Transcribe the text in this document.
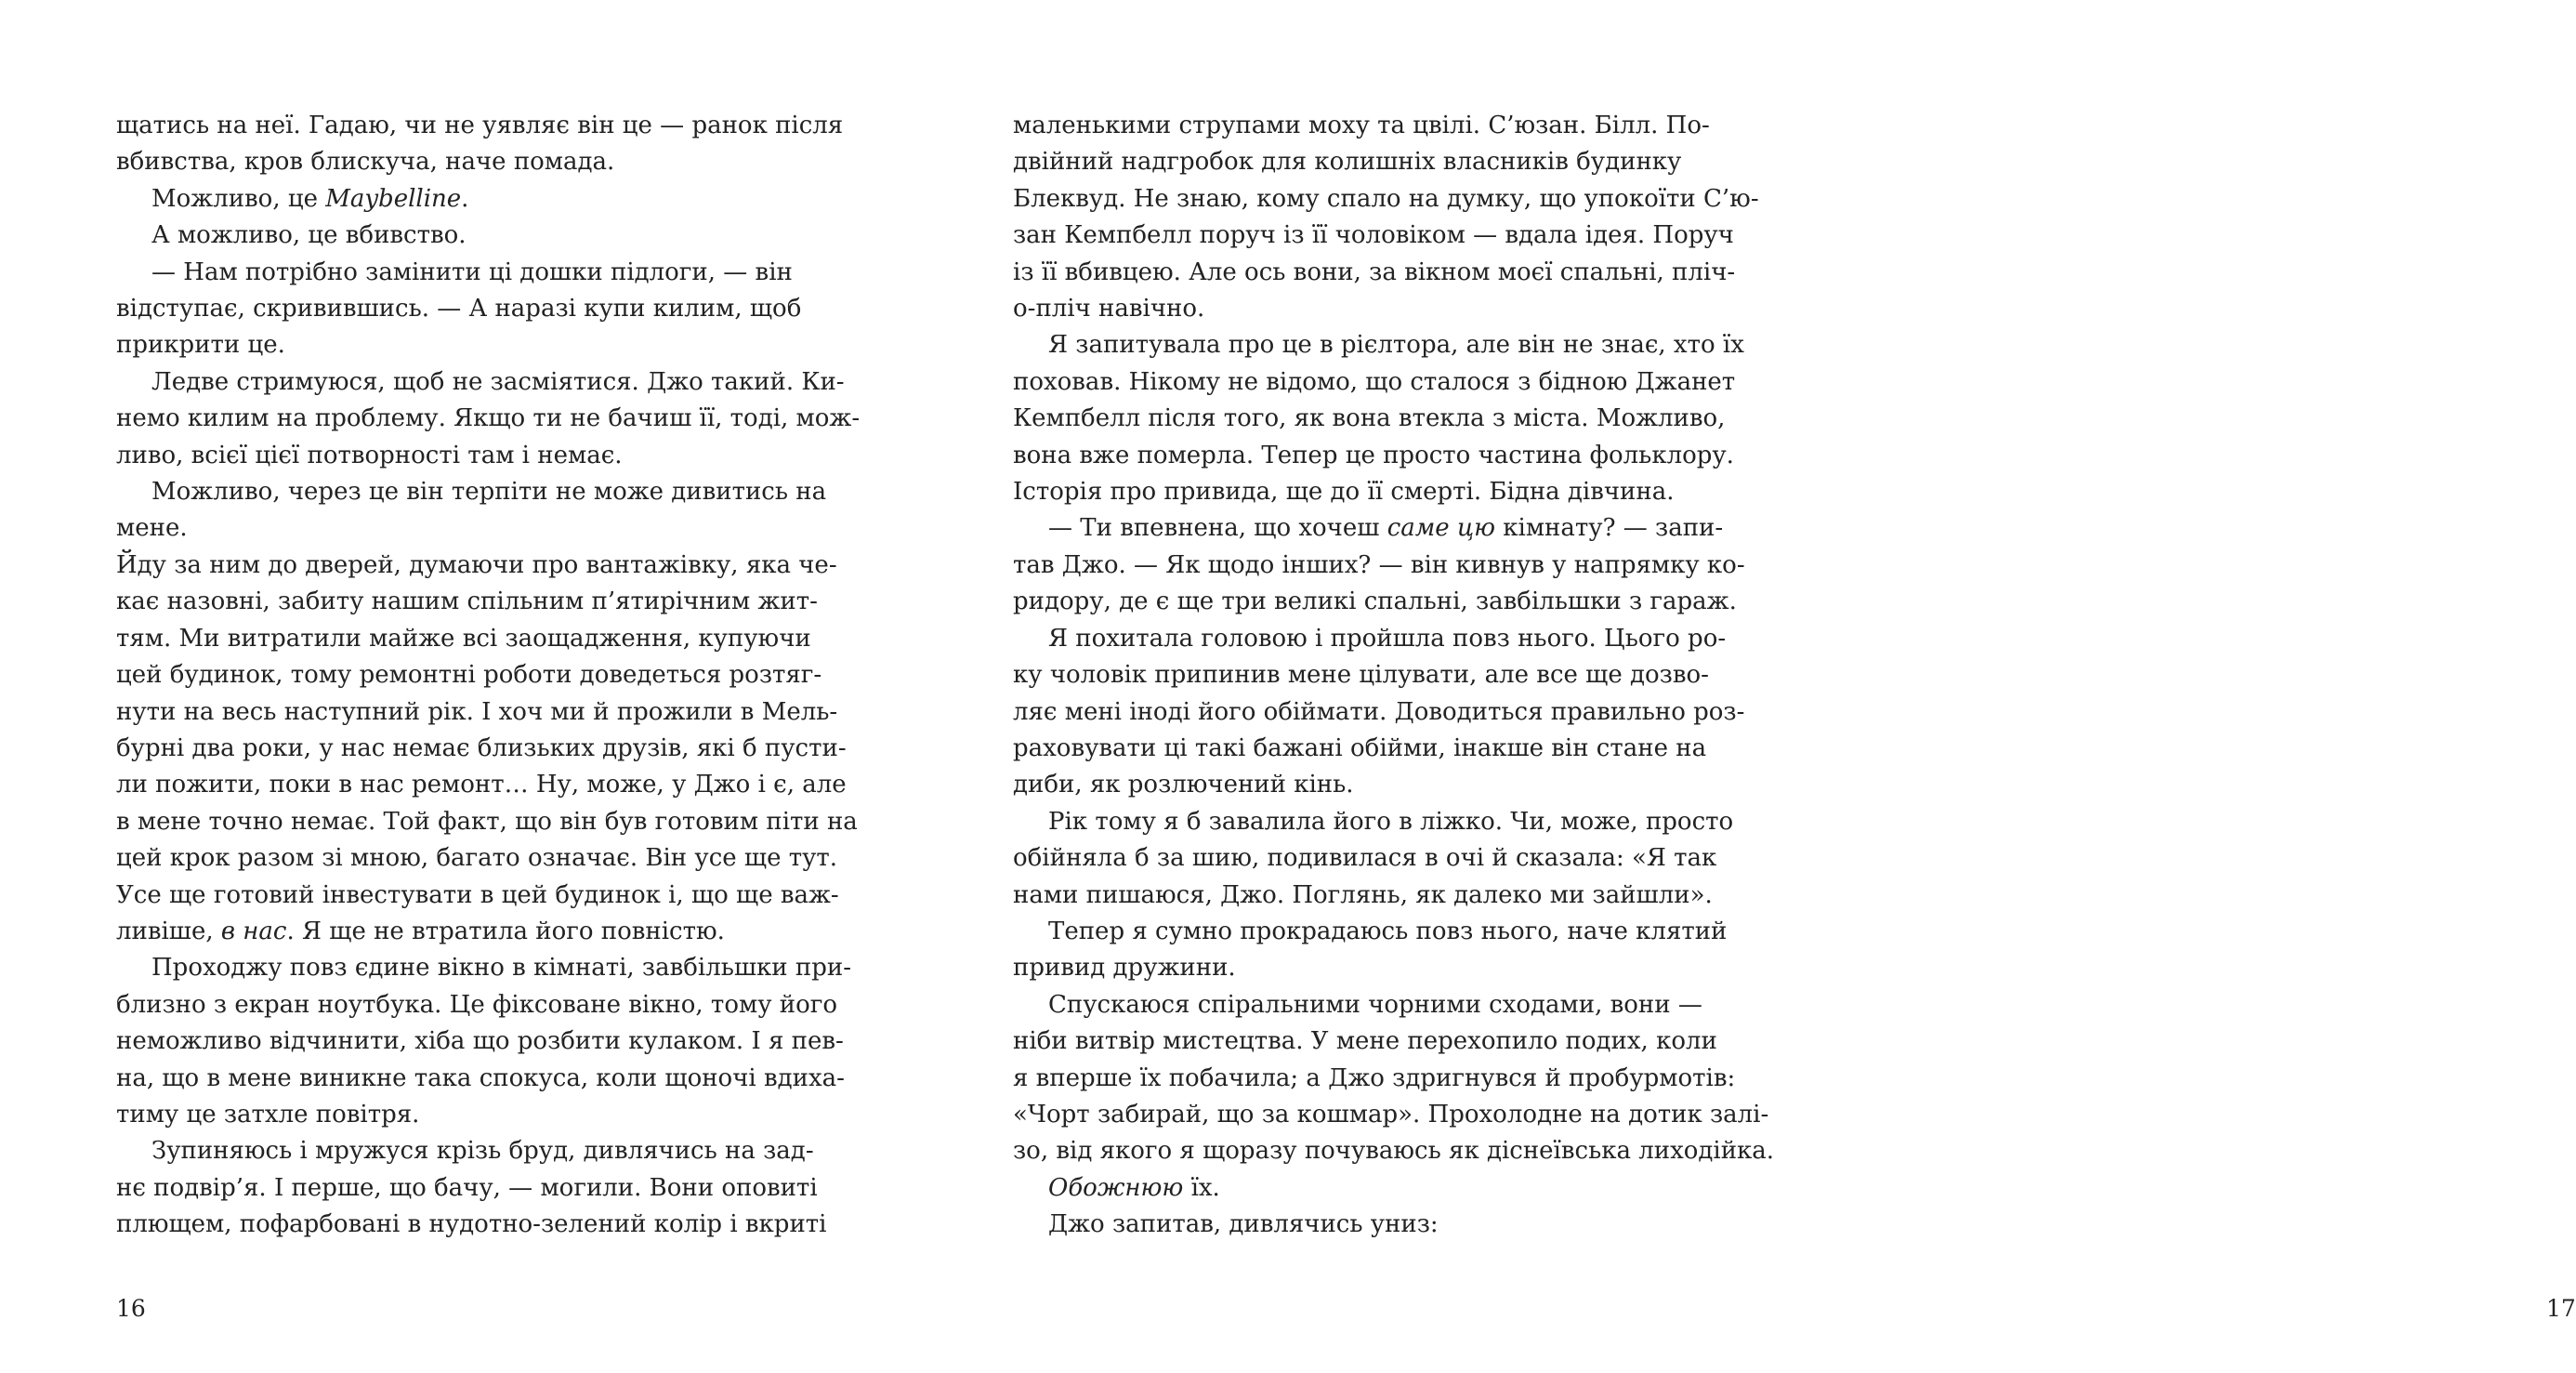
щатись на неї. Гадаю, чи не уявляє він це — ранок після
вбивства, кров блискуча, наче помада.
Можливо, це Maybelline.
А можливо, це вбивство.
— Нам потрібно замінити ці дошки підлоги, — він
відступає, скривившись. — А наразі купи килим, щоб
прикрити це.
Ледве стримуюся, щоб не засміятися. Джо такий. Ки-
немо килим на проблему. Якщо ти не бачиш її, тоді, мож-
ливо, всієї цієї потворності там і немає.
Можливо, через це він терпіти не може дивитись на
мене.
Йду за ним до дверей, думаючи про вантажівку, яка че-
кає назовні, забиту нашим спільним п’ятирічним жит-
тям. Ми витратили майже всі заощадження, купуючи
цей будинок, тому ремонтні роботи доведеться розтяг-
нути на весь наступний рік. І хоч ми й прожили в Мель-
бурні два роки, у нас немає близьких друзів, які б пусти-
ли пожити, поки в нас ремонт… Ну, може, у Джо і є, але
в мене точно немає. Той факт, що він був готовим піти на
цей крок разом зі мною, багато означає. Він усе ще тут.
Усе ще готовий інвестувати в цей будинок і, що ще важ-
ливіше, в нас. Я ще не втратила його повністю.
Проходжу повз єдине вікно в кімнаті, завбільшки при-
близно з екран ноутбука. Це фіксоване вікно, тому його
неможливо відчинити, хіба що розбити кулаком. І я пев-
на, що в мене виникне така спокуса, коли щоночі вдиха-
тиму це затхле повітря.
Зупиняюсь і мружуся крізь бруд, дивлячись на зад-
нє подвір’я. І перше, що бачу, — могили. Вони оповиті
плющем, пофарбовані в нудотно-зелений колір і вкриті
16
маленькими струпами моху та цвілі. С’юзан. Білл. По-
двійний надгробок для колишніх власників будинку
Блеквуд. Не знаю, кому спало на думку, що упокоїти С’ю-
зан Кемпбелл поруч із її чоловіком — вдала ідея. Поруч
із її вбивцею. Але ось вони, за вікном моєї спальні, пліч-
о-пліч навічно.
Я запитувала про це в рієлтора, але він не знає, хто їх
поховав. Нікому не відомо, що сталося з бідною Джанет
Кемпбелл після того, як вона втекла з міста. Можливо,
вона вже померла. Тепер це просто частина фольклору.
Історія про привида, ще до її смерті. Бідна дівчина.
— Ти впевнена, що хочеш саме цю кімнату? — запи-
тав Джо. — Як щодо інших? — він кивнув у напрямку ко-
ридору, де є ще три великі спальні, завбільшки з гараж.
Я похитала головою і пройшла повз нього. Цього ро-
ку чоловік припинив мене цілувати, але все ще дозво-
ляє мені іноді його обіймати. Доводиться правильно роз-
раховувати ці такі бажані обійми, інакше він стане на
диби, як розлючений кінь.
Рік тому я б завалила його в ліжко. Чи, може, просто
обійняла б за шию, подивилася в очі й сказала: «Я так
нами пишаюся, Джо. Поглянь, як далеко ми зайшли».
Тепер я сумно прокрадаюсь повз нього, наче клятий
привид дружини.
Спускаюся спіральними чорними сходами, вони —
ніби витвір мистецтва. У мене перехопило подих, коли
я вперше їх побачила; а Джо здригнувся й пробурмотів:
«Чорт забирай, що за кошмар». Прохолодне на дотик залі-
зо, від якого я щоразу почуваюсь як діснеївська лиходійка.
Обожнюю їх.
Джо запитав, дивлячись униз:
17
